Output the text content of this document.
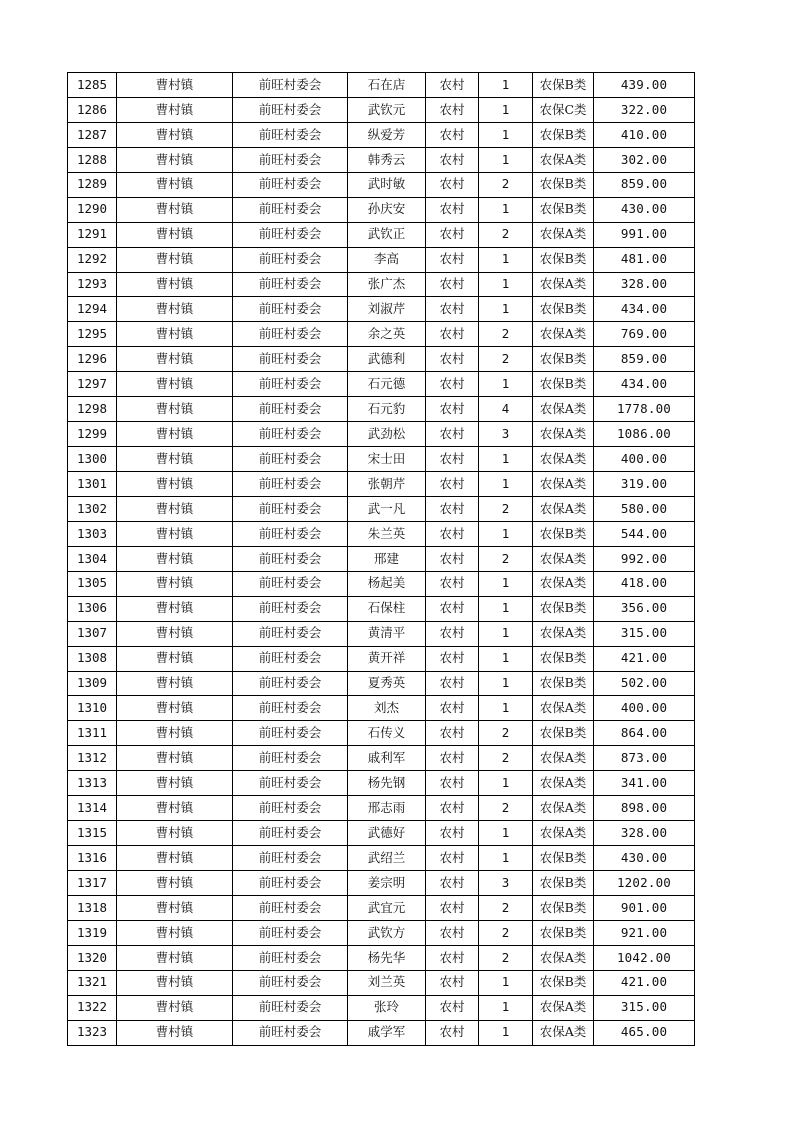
1285	曹村镇	前旺村委会	石在店	农村	1	农保B类	439.00
1286	曹村镇	前旺村委会	武钦元	农村	1	农保C类	322.00
1287	曹村镇	前旺村委会	纵爱芳	农村	1	农保B类	410.00
1288	曹村镇	前旺村委会	韩秀云	农村	1	农保A类	302.00
1289	曹村镇	前旺村委会	武时敏	农村	2	农保B类	859.00
1290	曹村镇	前旺村委会	孙庆安	农村	1	农保B类	430.00
1291	曹村镇	前旺村委会	武钦正	农村	2	农保A类	991.00
1292	曹村镇	前旺村委会	李高	农村	1	农保B类	481.00
1293	曹村镇	前旺村委会	张广杰	农村	1	农保A类	328.00
1294	曹村镇	前旺村委会	刘淑芹	农村	1	农保B类	434.00
1295	曹村镇	前旺村委会	余之英	农村	2	农保A类	769.00
1296	曹村镇	前旺村委会	武德利	农村	2	农保B类	859.00
1297	曹村镇	前旺村委会	石元德	农村	1	农保B类	434.00
1298	曹村镇	前旺村委会	石元豹	农村	4	农保A类	1778.00
1299	曹村镇	前旺村委会	武劲松	农村	3	农保A类	1086.00
1300	曹村镇	前旺村委会	宋士田	农村	1	农保A类	400.00
1301	曹村镇	前旺村委会	张朝芹	农村	1	农保A类	319.00
1302	曹村镇	前旺村委会	武一凡	农村	2	农保A类	580.00
1303	曹村镇	前旺村委会	朱兰英	农村	1	农保B类	544.00
1304	曹村镇	前旺村委会	邢建	农村	2	农保A类	992.00
1305	曹村镇	前旺村委会	杨起美	农村	1	农保A类	418.00
1306	曹村镇	前旺村委会	石保柱	农村	1	农保B类	356.00
1307	曹村镇	前旺村委会	黄清平	农村	1	农保A类	315.00
1308	曹村镇	前旺村委会	黄开祥	农村	1	农保B类	421.00
1309	曹村镇	前旺村委会	夏秀英	农村	1	农保B类	502.00
1310	曹村镇	前旺村委会	刘杰	农村	1	农保A类	400.00
1311	曹村镇	前旺村委会	石传义	农村	2	农保B类	864.00
1312	曹村镇	前旺村委会	戚利军	农村	2	农保A类	873.00
1313	曹村镇	前旺村委会	杨先钢	农村	1	农保A类	341.00
1314	曹村镇	前旺村委会	邢志雨	农村	2	农保A类	898.00
1315	曹村镇	前旺村委会	武德好	农村	1	农保A类	328.00
1316	曹村镇	前旺村委会	武绍兰	农村	1	农保B类	430.00
1317	曹村镇	前旺村委会	姜宗明	农村	3	农保B类	1202.00
1318	曹村镇	前旺村委会	武宜元	农村	2	农保B类	901.00
1319	曹村镇	前旺村委会	武钦方	农村	2	农保B类	921.00
1320	曹村镇	前旺村委会	杨先华	农村	2	农保A类	1042.00
1321	曹村镇	前旺村委会	刘兰英	农村	1	农保B类	421.00
1322	曹村镇	前旺村委会	张玲	农村	1	农保A类	315.00
1323	曹村镇	前旺村委会	戚学军	农村	1	农保A类	465.00
